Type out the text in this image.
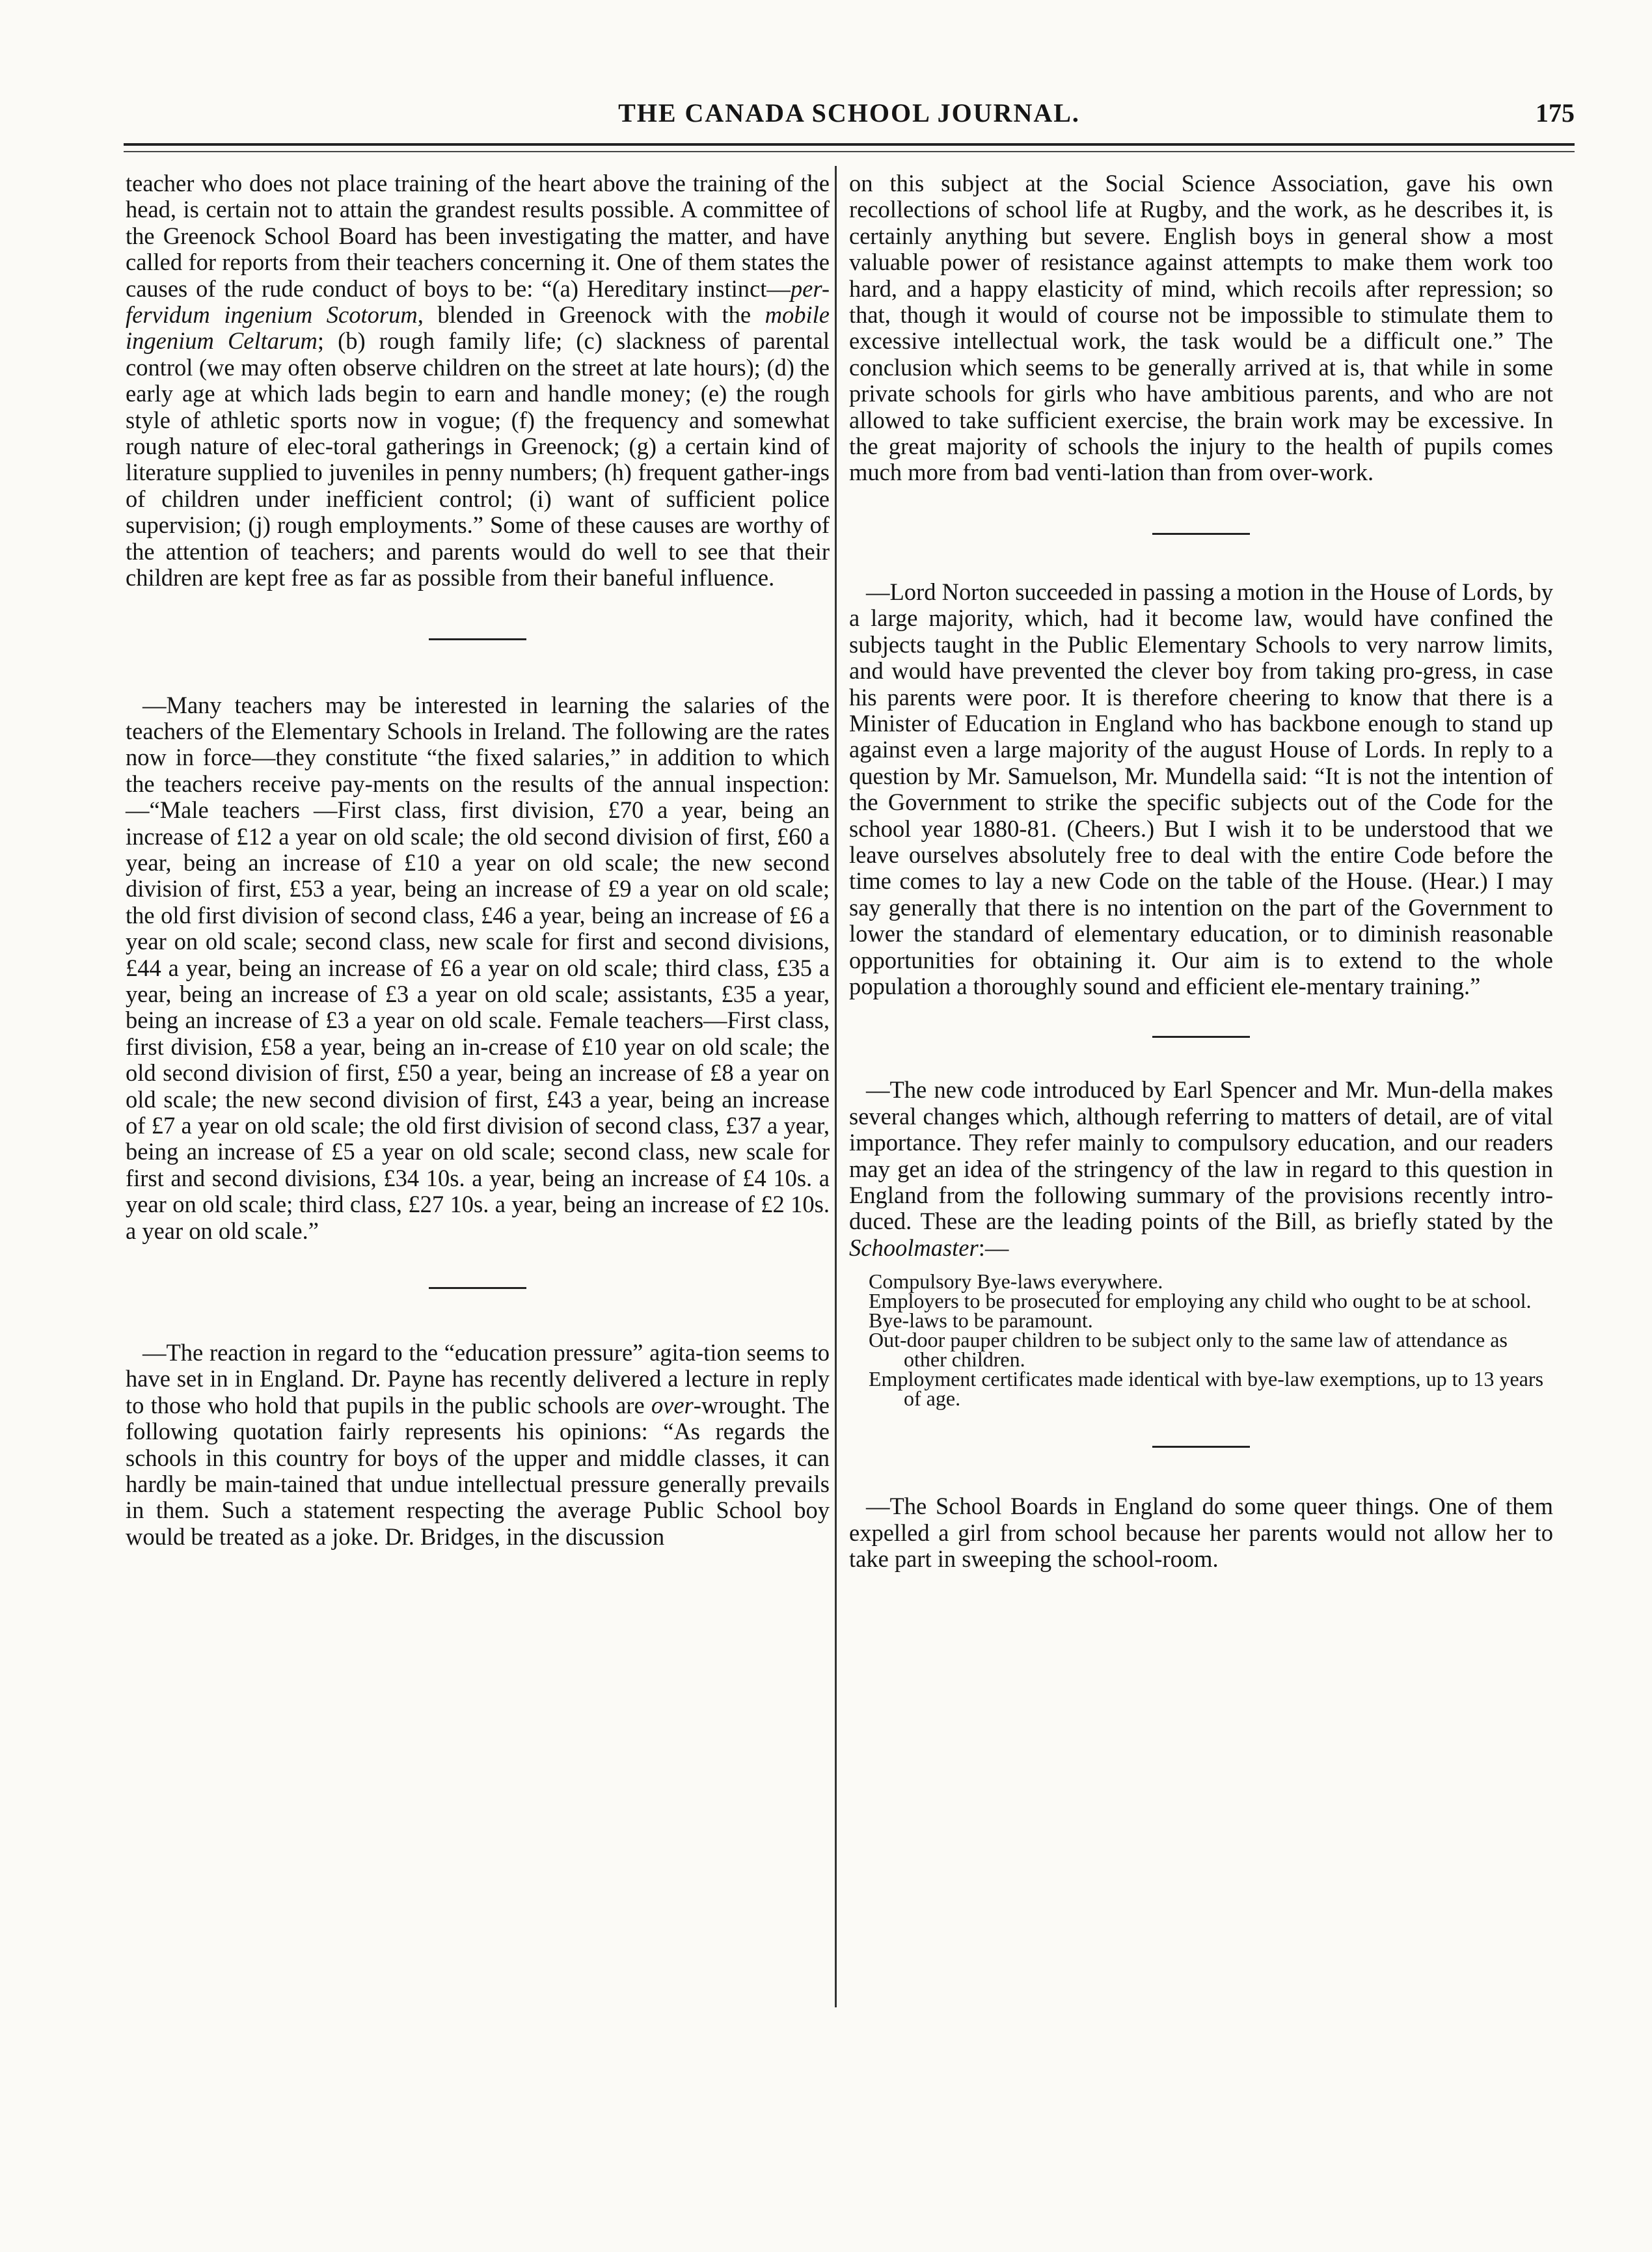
THE CANADA SCHOOL JOURNAL.	175

teacher who does not place training of the heart above the training of the head, is certain not to attain the grandest results possible. A committee of the Greenock School Board has been investigating the matter, and have called for reports from their teachers concerning it. One of them states the causes of the rude conduct of boys to be: “(a) Hereditary instinct—per-fervidum ingenium Scotorum, blended in Greenock with the mobile ingenium Celtarum; (b) rough family life; (c) slackness of parental control (we may often observe children on the street at late hours); (d) the early age at which lads begin to earn and handle money; (e) the rough style of athletic sports now in vogue; (f) the frequency and somewhat rough nature of elec-toral gatherings in Greenock; (g) a certain kind of literature supplied to juveniles in penny numbers; (h) frequent gather-ings of children under inefficient control; (i) want of sufficient police supervision; (j) rough employments.” Some of these causes are worthy of the attention of teachers; and parents would do well to see that their children are kept free as far as possible from their baneful influence.

—Many teachers may be interested in learning the salaries of the teachers of the Elementary Schools in Ireland. The following are the rates now in force—they constitute “the fixed salaries,” in addition to which the teachers receive pay-ments on the results of the annual inspection:—“Male teachers —First class, first division, £70 a year, being an increase of £12 a year on old scale; the old second division of first, £60 a year, being an increase of £10 a year on old scale; the new second division of first, £53 a year, being an increase of £9 a year on old scale; the old first division of second class, £46 a year, being an increase of £6 a year on old scale; second class, new scale for first and second divisions, £44 a year, being an increase of £6 a year on old scale; third class, £35 a year, being an increase of £3 a year on old scale; assistants, £35 a year, being an increase of £3 a year on old scale. Female teachers—First class, first division, £58 a year, being an in-crease of £10 year on old scale; the old second division of first, £50 a year, being an increase of £8 a year on old scale; the new second division of first, £43 a year, being an increase of £7 a year on old scale; the old first division of second class, £37 a year, being an increase of £5 a year on old scale; second class, new scale for first and second divisions, £34 10s. a year, being an increase of £4 10s. a year on old scale; third class, £27 10s. a year, being an increase of £2 10s. a year on old scale.”

—The reaction in regard to the “education pressure” agita-tion seems to have set in in England. Dr. Payne has recently delivered a lecture in reply to those who hold that pupils in the public schools are over-wrought. The following quotation fairly represents his opinions: “As regards the schools in this country for boys of the upper and middle classes, it can hardly be main-tained that undue intellectual pressure generally prevails in them. Such a statement respecting the average Public School boy would be treated as a joke. Dr. Bridges, in the discussion

on this subject at the Social Science Association, gave his own recollections of school life at Rugby, and the work, as he describes it, is certainly anything but severe. English boys in general show a most valuable power of resistance against attempts to make them work too hard, and a happy elasticity of mind, which recoils after repression; so that, though it would of course not be impossible to stimulate them to excessive intellectual work, the task would be a difficult one.” The conclusion which seems to be generally arrived at is, that while in some private schools for girls who have ambitious parents, and who are not allowed to take sufficient exercise, the brain work may be excessive. In the great majority of schools the injury to the health of pupils comes much more from bad venti-lation than from over-work.

—Lord Norton succeeded in passing a motion in the House of Lords, by a large majority, which, had it become law, would have confined the subjects taught in the Public Elementary Schools to very narrow limits, and would have prevented the clever boy from taking pro-gress, in case his parents were poor. It is therefore cheering to know that there is a Minister of Education in England who has backbone enough to stand up against even a large majority of the august House of Lords. In reply to a question by Mr. Samuelson, Mr. Mundella said: “It is not the intention of the Government to strike the specific subjects out of the Code for the school year 1880-81. (Cheers.) But I wish it to be understood that we leave ourselves absolutely free to deal with the entire Code before the time comes to lay a new Code on the table of the House. (Hear.) I may say generally that there is no intention on the part of the Government to lower the standard of elementary education, or to diminish reasonable opportunities for obtaining it. Our aim is to extend to the whole population a thoroughly sound and efficient ele-mentary training.”

—The new code introduced by Earl Spencer and Mr. Mun-della makes several changes which, although referring to matters of detail, are of vital importance. They refer mainly to compulsory education, and our readers may get an idea of the stringency of the law in regard to this question in England from the following summary of the provisions recently intro-duced. These are the leading points of the Bill, as briefly stated by the Schoolmaster:—

Compulsory Bye-laws everywhere.
Employers to be prosecuted for employing any child who ought to be at school.
Bye-laws to be paramount.
Out-door pauper children to be subject only to the same law of attendance as other children.
Employment certificates made identical with bye-law exemptions, up to 13 years of age.

—The School Boards in England do some queer things. One of them expelled a girl from school because her parents would not allow her to take part in sweeping the school-room.
